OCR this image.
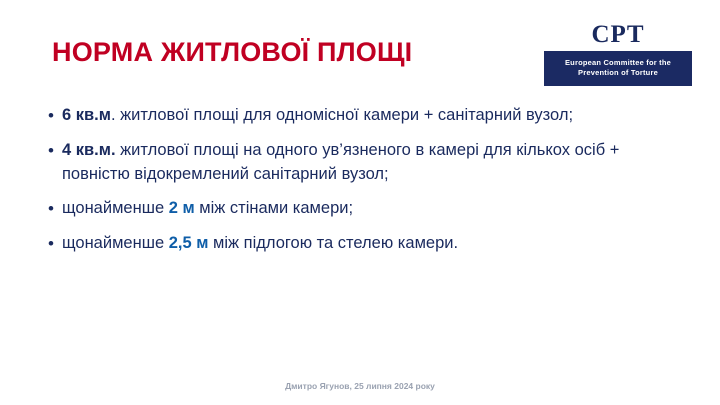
CPT
European Committee for the
Prevention of Torture
НОРМА ЖИТЛОВОЇ ПЛОЩІ
• 6 кв.м. житлової площі для одномісної камери + санітарний вузол;
• 4 кв.м. житлової площі на одного ув’язненого в камері для кількох осіб + повністю відокремлений санітарний вузол;
• щонайменше 2 м між стінами камери;
• щонайменше 2,5 м між підлогою та стелею камери.
Дмитро Ягунов, 25 липня 2024 року
